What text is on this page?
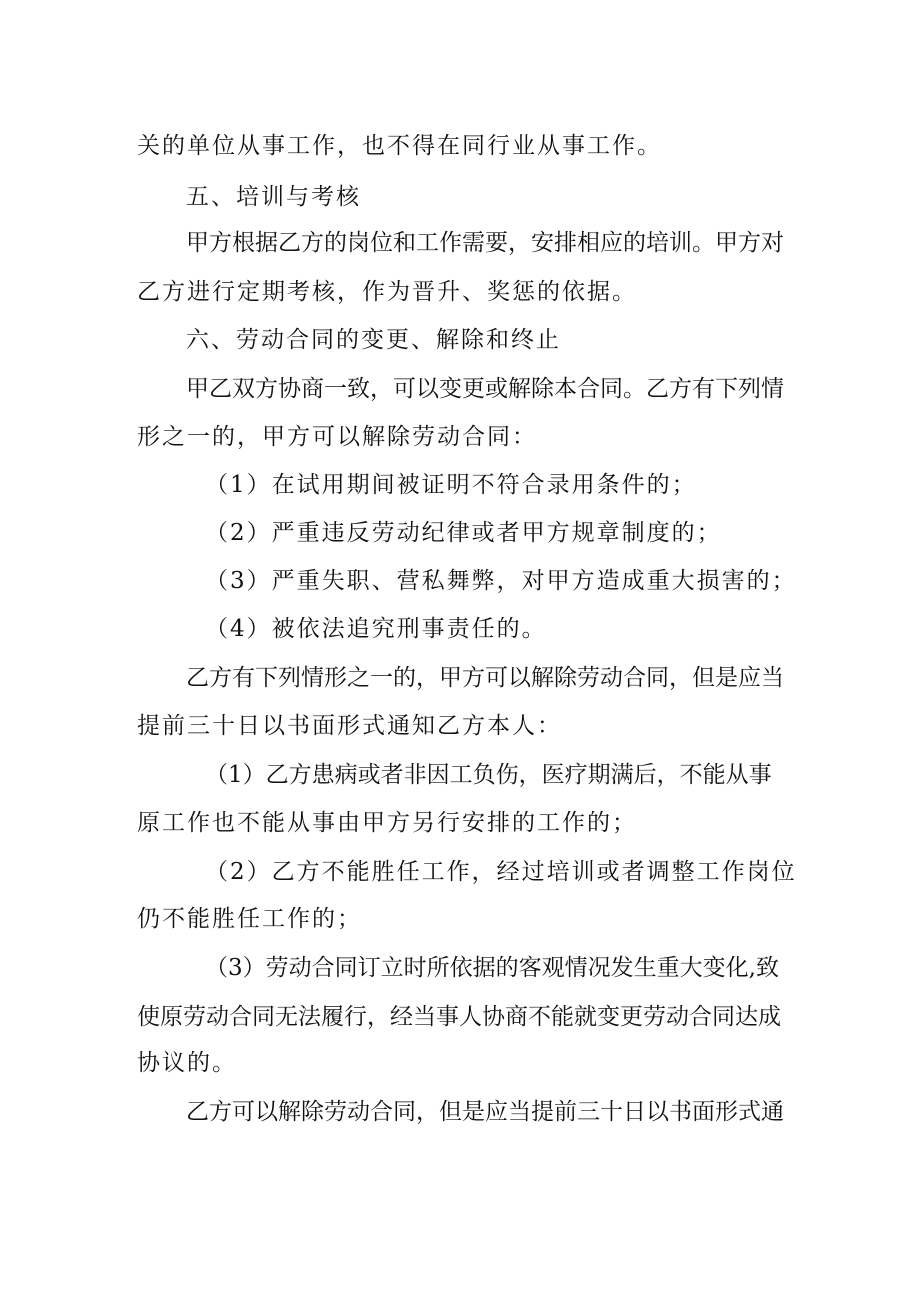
关的单位从事工作，也不得在同行业从事工作。
五、培训与考核
甲方根据乙方的岗位和工作需要，安排相应的培训。甲方对
乙方进行定期考核，作为晋升、奖惩的依据。
六、劳动合同的变更、解除和终止
甲乙双方协商一致，可以变更或解除本合同。乙方有下列情
形之一的，甲方可以解除劳动合同：
（1）在试用期间被证明不符合录用条件的；
（2）严重违反劳动纪律或者甲方规章制度的；
（3）严重失职、营私舞弊，对甲方造成重大损害的；
（4）被依法追究刑事责任的。
乙方有下列情形之一的，甲方可以解除劳动合同，但是应当
提前三十日以书面形式通知乙方本人：
（1）乙方患病或者非因工负伤，医疗期满后，不能从事
原工作也不能从事由甲方另行安排的工作的；
（2）乙方不能胜任工作，经过培训或者调整工作岗位
仍不能胜任工作的；
（3）劳动合同订立时所依据的客观情况发生重大变化,致
使原劳动合同无法履行，经当事人协商不能就变更劳动合同达成
协议的。
乙方可以解除劳动合同，但是应当提前三十日以书面形式通
